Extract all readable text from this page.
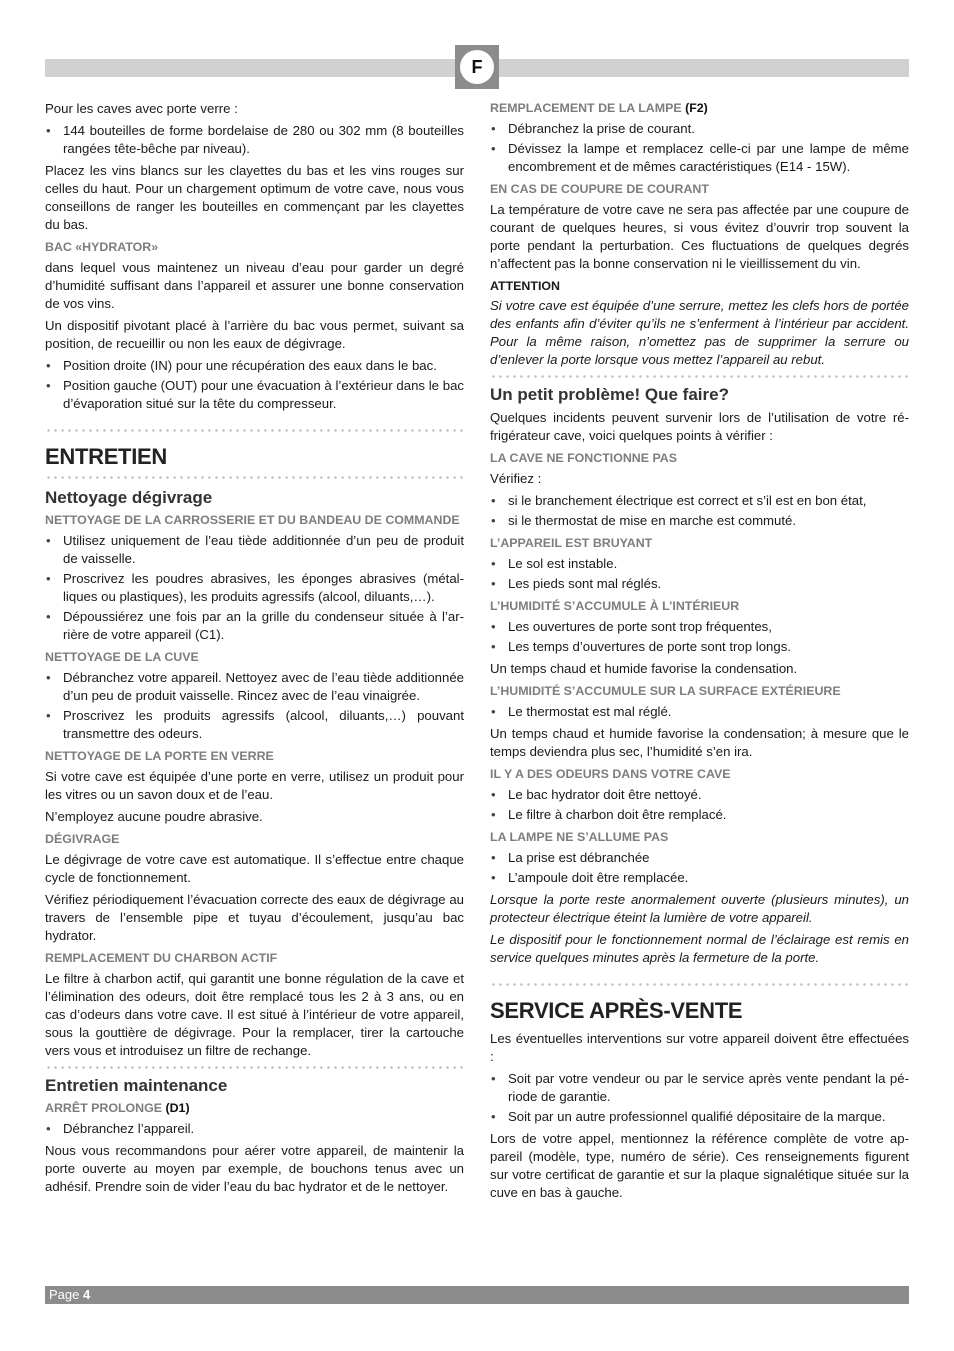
F

Pour les caves avec porte verre :

• 144 bouteilles de forme bordelaise de 280 ou 302 mm (8 bouteilles rangées tête-bêche par niveau).

Placez les vins blancs sur les clayettes du bas et les vins rouges sur celles du haut. Pour un chargement optimum de votre cave, nous vous conseillons de ranger les bouteilles en commençant par les clayettes du bas.

BAC «HYDRATOR»

dans lequel vous maintenez un niveau d’eau pour garder un degré d’humidité suffisant dans l’appareil et assurer une bonne conservation de vos vins.

Un dispositif pivotant placé à l’arrière du bac vous permet, suivant sa position, de recueillir ou non les eaux de dégivrage.

• Position droite (IN) pour une récupération des eaux dans le bac.
• Position gauche (OUT) pour une évacuation à l’extérieur dans le bac d’évaporation situé sur la tête du compresseur.
ENTRETIEN
Nettoyage dégivrage
NETTOYAGE DE LA CARROSSERIE ET DU BANDEAU DE COMMANDE
• Utilisez uniquement de l’eau tiède additionnée d’un peu de produit de vaisselle.
• Proscrivez les poudres abrasives, les éponges abrasives (métalliques ou plastiques), les produits agressifs (alcool, diluants,…).
• Dépoussiérez une fois par an la grille du condenseur située à l’arrière de votre appareil (C1).
NETTOYAGE DE LA CUVE
• Débranchez votre appareil. Nettoyez avec de l’eau tiède additionnée d’un peu de produit vaisselle. Rincez avec de l’eau vinaigrée.
• Proscrivez les produits agressifs (alcool, diluants,…) pouvant transmettre des odeurs.
NETTOYAGE DE LA PORTE EN VERRE

Si votre cave est équipée d’une porte en verre, utilisez un produit pour les vitres ou un savon doux et de l’eau.

N’employez aucune poudre abrasive.

DÉGIVRAGE

Le dégivrage de votre cave est automatique. Il s’effectue entre chaque cycle de fonctionnement.

Vérifiez périodiquement l’évacuation correcte des eaux de dégivrage au travers de l’ensemble pipe et tuyau d’écoulement, jusqu’au bac hydrator.

REMPLACEMENT DU CHARBON ACTIF

Le filtre à charbon actif, qui garantit une bonne régulation de la cave et l’élimination des odeurs, doit être remplacé tous les 2 à 3 ans, ou en cas d’odeurs dans votre cave. Il est situé à l’intérieur de votre appareil, sous la gouttière de dégivrage. Pour la remplacer, tirer la cartouche vers vous et introduisez un filtre de rechange.

Entretien maintenance
ARRÊT PROLONGE (D1)
• Débranchez l’appareil.

Nous vous recommandons pour aérer votre appareil, de maintenir la porte ouverte au moyen par exemple, de bouchons tenus avec un adhésif. Prendre soin de vider l’eau du bac hydrator et de le nettoyer.

REMPLACEMENT DE LA LAMPE (F2)
• Débranchez la prise de courant.
• Dévissez la lampe et remplacez celle-ci par une lampe de même encombrement et de mêmes caractéristiques (E14 - 15W).
EN CAS DE COUPURE DE COURANT

La température de votre cave ne sera pas affectée par une coupure de courant de quelques heures, si vous évitez d’ouvrir trop souvent la porte pendant la perturbation. Ces fluctuations de quelques degrés n’affectent pas la bonne conservation ni le vieillissement du vin.

ATTENTION

Si votre cave est équipée d’une serrure, mettez les clefs hors de portée des enfants afin d’éviter qu’ils ne s’enferment à l’intérieur par accident. Pour la même raison, n’omettez pas de supprimer la serrure ou d’enlever la porte lorsque vous mettez l’appareil au rebut.

Un petit problème! Que faire?

Quelques incidents peuvent survenir lors de l’utilisation de votre réfrigérateur cave, voici quelques points à vérifier :

LA CAVE NE FONCTIONNE PAS

Vérifiez :

• si le branchement électrique est correct et s’il est en bon état,
• si le thermostat de mise en marche est commuté.
L’APPAREIL EST BRUYANT
• Le sol est instable.
• Les pieds sont mal réglés.
L’HUMIDITÉ S’ACCUMULE À L’INTÉRIEUR
• Les ouvertures de porte sont trop fréquentes,
• Les temps d’ouvertures de porte sont trop longs.

Un temps chaud et humide favorise la condensation.

L’HUMIDITÉ S’ACCUMULE SUR LA SURFACE EXTÉRIEURE
• Le thermostat est mal réglé.

Un temps chaud et humide favorise la condensation; à mesure que le temps deviendra plus sec, l’humidité s’en ira.

IL Y A DES ODEURS DANS VOTRE CAVE
• Le bac hydrator doit être nettoyé.
• Le filtre à charbon doit être remplacé.
LA LAMPE NE S’ALLUME PAS
• La prise est débranchée
• L’ampoule doit être remplacée.

Lorsque la porte reste anormalement ouverte (plusieurs minutes), un protecteur électrique éteint la lumière de votre appareil.

Le dispositif pour le fonctionnement normal de l’éclairage est remis en service quelques minutes après la fermeture de la porte.

SERVICE APRÈS-VENTE

Les éventuelles interventions sur votre appareil doivent être effectuées :

• Soit par votre vendeur ou par le service après vente pendant la période de garantie.
• Soit par un autre professionnel qualifié dépositaire de la marque.

Lors de votre appel, mentionnez la référence complète de votre appareil (modèle, type, numéro de série). Ces renseignements figurent sur votre certificat de garantie et sur la plaque signalétique située sur la cuve en bas à gauche.

Page 4
